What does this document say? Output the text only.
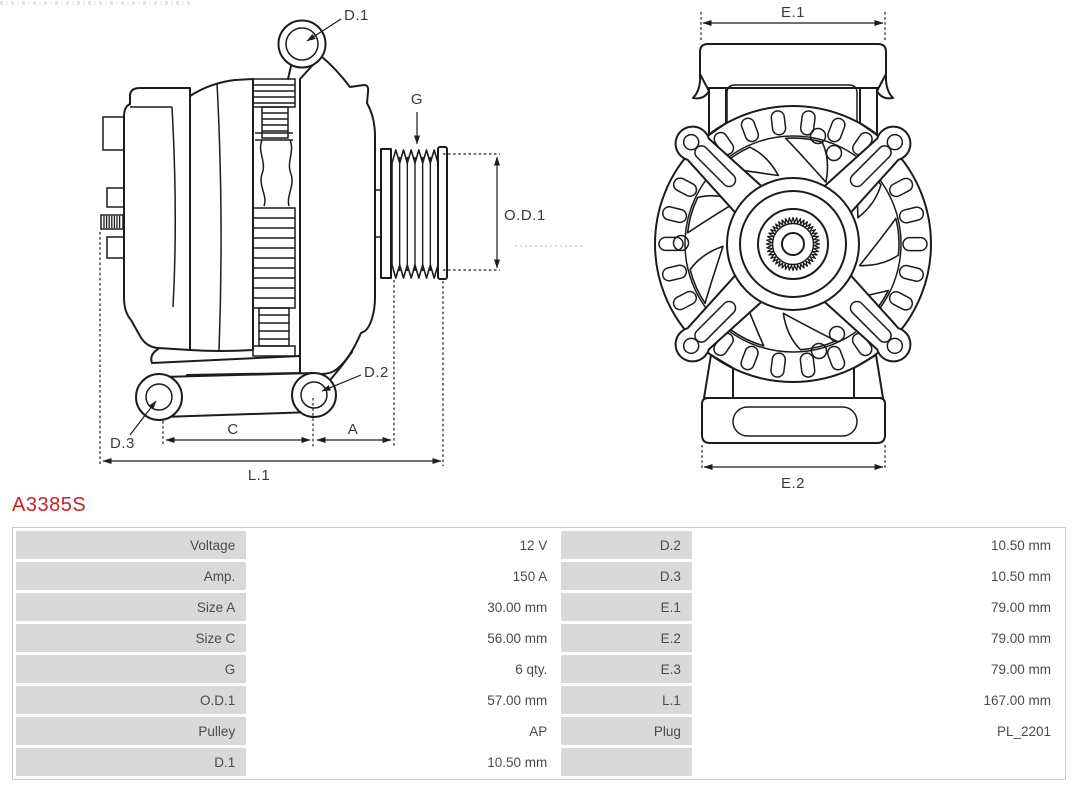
D.1
G
O.D.1
D.2
D.3
C	A
L.1
E.1
E.2
A3385S
Voltage	12 V	D.2	10.50 mm
Amp.	150 A	D.3	10.50 mm
Size A	30.00 mm	E.1	79.00 mm
Size C	56.00 mm	E.2	79.00 mm
G	6 qty.	E.3	79.00 mm
O.D.1	57.00 mm	L.1	167.00 mm
Pulley	AP	Plug	PL_2201
D.1	10.50 mm		
